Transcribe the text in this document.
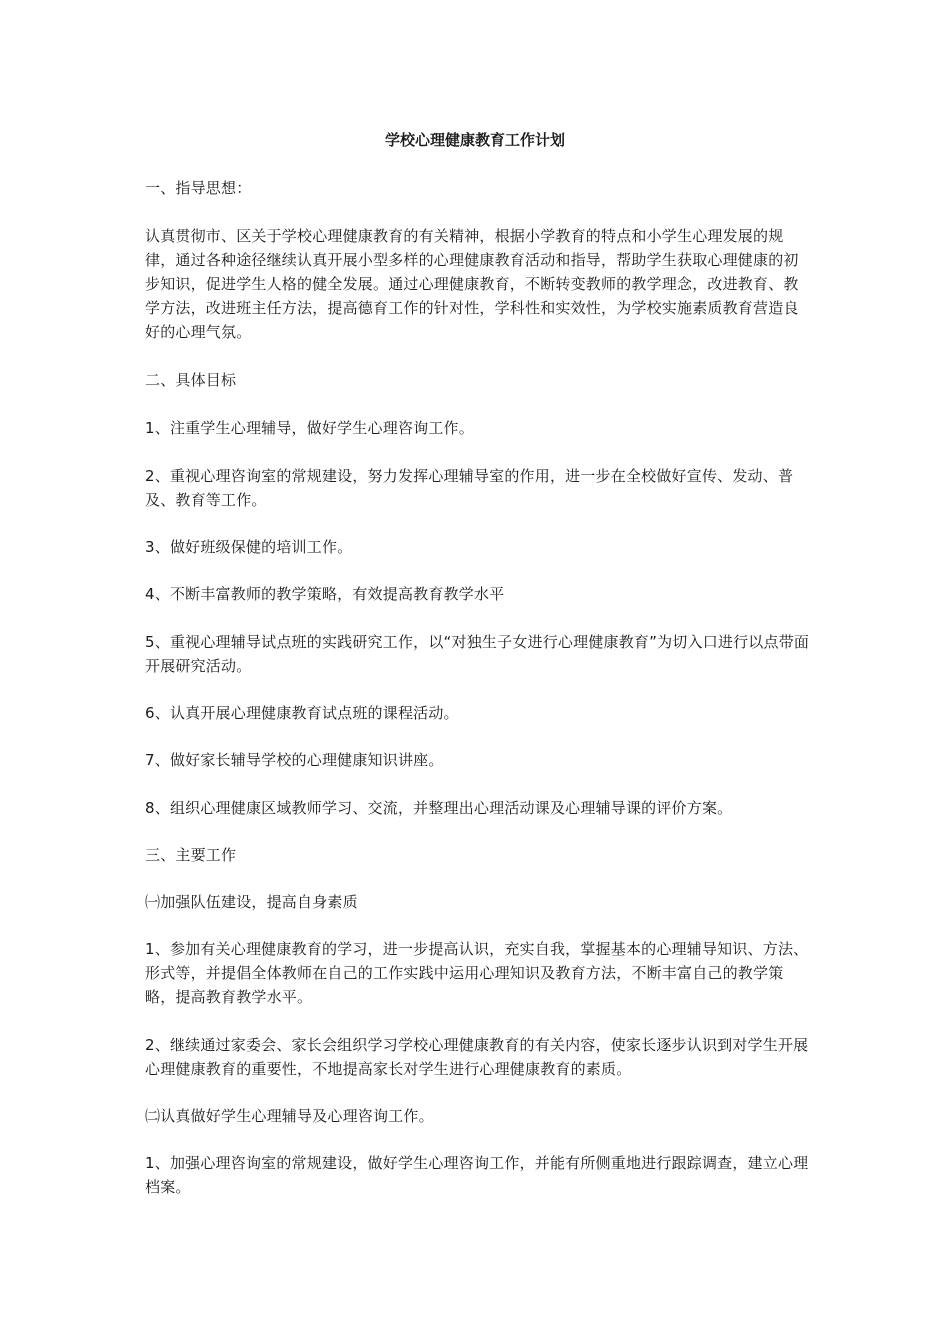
学校心理健康教育工作计划

一、指导思想：

认真贯彻市、区关于学校心理健康教育的有关精神，根据小学教育的特点和小学生心理发展的规律，通过各种途径继续认真开展小型多样的心理健康教育活动和指导，帮助学生获取心理健康的初步知识，促进学生人格的健全发展。通过心理健康教育，不断转变教师的教学理念，改进教育、教学方法，改进班主任方法，提高德育工作的针对性，学科性和实效性，为学校实施素质教育营造良好的心理气氛。

二、具体目标

1、注重学生心理辅导，做好学生心理咨询工作。

2、重视心理咨询室的常规建设，努力发挥心理辅导室的作用，进一步在全校做好宣传、发动、普及、教育等工作。

3、做好班级保健的培训工作。

4、不断丰富教师的教学策略，有效提高教育教学水平

5、重视心理辅导试点班的实践研究工作，以“对独生子女进行心理健康教育”为切入口进行以点带面开展研究活动。

6、认真开展心理健康教育试点班的课程活动。

7、做好家长辅导学校的心理健康知识讲座。

8、组织心理健康区域教师学习、交流，并整理出心理活动课及心理辅导课的评价方案。

三、主要工作

㈠加强队伍建设，提高自身素质

1、参加有关心理健康教育的学习，进一步提高认识，充实自我，掌握基本的心理辅导知识、方法、形式等，并提倡全体教师在自己的工作实践中运用心理知识及教育方法，不断丰富自己的教学策略，提高教育教学水平。

2、继续通过家委会、家长会组织学习学校心理健康教育的有关内容，使家长逐步认识到对学生开展心理健康教育的重要性，不地提高家长对学生进行心理健康教育的素质。

㈡认真做好学生心理辅导及心理咨询工作。

1、加强心理咨询室的常规建设，做好学生心理咨询工作，并能有所侧重地进行跟踪调查，建立心理档案。
